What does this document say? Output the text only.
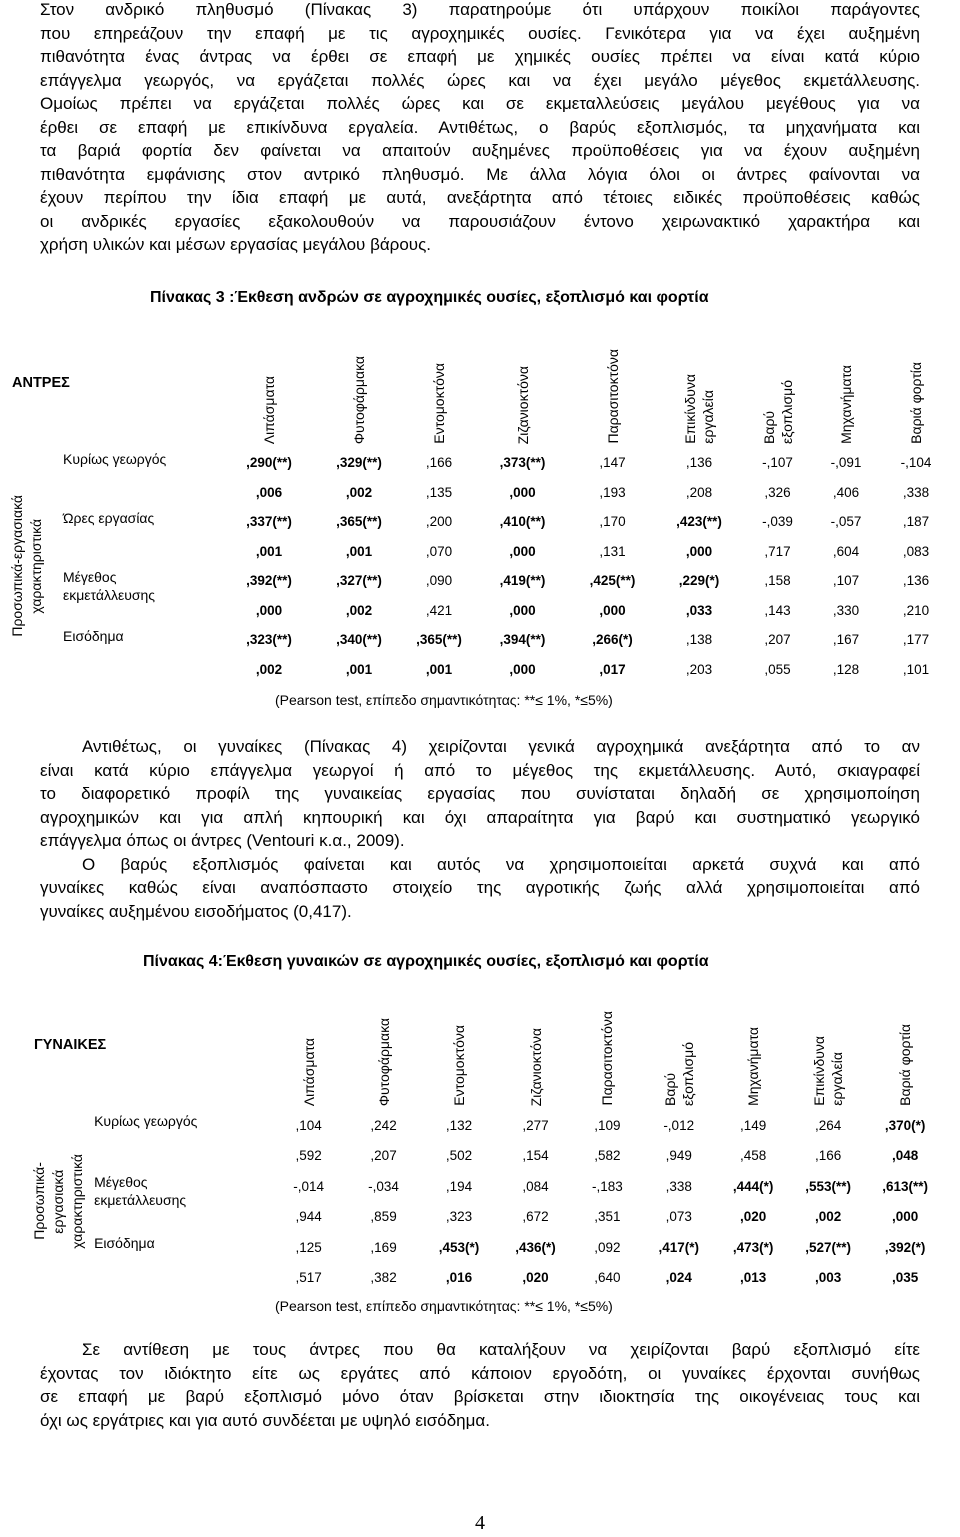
Στον ανδρικό πληθυσμό (Πίνακας 3) παρατηρούμε ότι υπάρχουν ποικίλοι παράγοντες
που επηρεάζουν την επαφή με τις αγροχημικές ουσίες. Γενικότερα για να έχει αυξημένη
πιθανότητα ένας άντρας να έρθει σε επαφή με χημικές ουσίες πρέπει να είναι κατά κύριο
επάγγελμα γεωργός, να εργάζεται πολλές ώρες και να έχει μεγάλο μέγεθος εκμετάλλευσης.
Ομοίως πρέπει να εργάζεται πολλές ώρες και σε εκμεταλλεύσεις μεγάλου μεγέθους για να
έρθει σε επαφή με επικίνδυνα εργαλεία. Αντιθέτως, ο βαρύς εξοπλισμός, τα μηχανήματα και
τα βαριά φορτία δεν φαίνεται να απαιτούν αυξημένες προϋποθέσεις για να έχουν αυξημένη
πιθανότητα εμφάνισης στον αντρικό πληθυσμό. Με άλλα λόγια όλοι οι άντρες φαίνονται να
έχουν περίπου την ίδια επαφή με αυτά, ανεξάρτητα από τέτοιες ειδικές προϋποθέσεις καθώς
οι ανδρικές εργασίες εξακολουθούν να παρουσιάζουν έντονο χειρωνακτικό χαρακτήρα και
χρήση υλικών και μέσων εργασίας μεγάλου βάρους.
Πίνακας 3 :Έκθεση ανδρών σε αγροχημικές ουσίες, εξοπλισμό και φορτία
ΑΝΤΡΕΣ		Λιπάσματα	Φυτοφάρμακα	Εντομοκτόνα	Ζιζανιοκτόνα	Παρασιτοκτόνα	Επικίνδυνα εργαλεία	Βαρύ εξοπλισμό	Μηχανήματα	Βαριά φορτία

Προσωπικά-εργασιακά χαρακτηριστικά	Κυρίως γεωργός	,290(**)	,329(**)	,166	,373(**)	,147	,136	-,107	-,091	-,104
		,006	,002	,135	,000	,193	,208	,326	,406	,338

	Ώρες εργασίας	,337(**)	,365(**)	,200	,410(**)	,170	,423(**)	-,039	-,057	,187
		,001	,001	,070	,000	,131	,000	,717	,604	,083

	Μέγεθος
εκμετάλλευσης	,392(**)	,327(**)	,090	,419(**)	,425(**)	,229(*)	,158	,107	,136
		,000	,002	,421	,000	,000	,033	,143	,330	,210

	Εισόδημα	,323(**)	,340(**)	,365(**)	,394(**)	,266(*)	,138	,207	,167	,177
		,002	,001	,001	,000	,017	,203	,055	,128	,101
(Pearson test, επίπεδο σημαντικότητας: **≤ 1%, *≤5%)
Αντιθέτως, οι γυναίκες (Πίνακας 4) χειρίζονται γενικά αγροχημικά ανεξάρτητα από το αν
είναι κατά κύριο επάγγελμα γεωργοί ή από το μέγεθος της εκμετάλλευσης. Αυτό, σκιαγραφεί
το διαφορετικό προφίλ της γυναικείας εργασίας που συνίσταται δηλαδή σε χρησιμοποίηση
αγροχημικών και για απλή κηπουρική και όχι απαραίτητα για βαρύ και συστηματικό γεωργικό
επάγγελμα όπως οι άντρες (Ventouri κ.α., 2009).
Ο βαρύς εξοπλισμός φαίνεται και αυτός να χρησιμοποιείται αρκετά συχνά και από
γυναίκες καθώς είναι αναπόσπαστο στοιχείο της αγροτικής ζωής αλλά χρησιμοποιείται από
γυναίκες αυξημένου εισοδήματος (0,417).
Πίνακας 4:Έκθεση γυναικών σε αγροχημικές ουσίες, εξοπλισμό και φορτία
ΓΥΝΑΙΚΕΣ		Λιπάσματα	Φυτοφάρμακα	Εντομοκτόνα	Ζιζανιοκτόνα	Παρασιτοκτόνα	Βαρύ εξοπλισμό	Μηχανήματα	Επικίνδυνα εργαλεία	Βαριά φορτία

Προσωπικά- εργασιακά χαρακτηριστικά	Κυρίως γεωργός	,104	,242	,132	,277	,109	-,012	,149	,264	,370(*)
		,592	,207	,502	,154	,582	,949	,458	,166	,048

	Μέγεθος
εκμετάλλευσης	-,014	-,034	,194	,084	-,183	,338	,444(*)	,553(**)	,613(**)
		,944	,859	,323	,672	,351	,073	,020	,002	,000

	Εισόδημα	,125	,169	,453(*)	,436(*)	,092	,417(*)	,473(*)	,527(**)	,392(*)
		,517	,382	,016	,020	,640	,024	,013	,003	,035
(Pearson test, επίπεδο σημαντικότητας: **≤ 1%, *≤5%)
Σε αντίθεση με τους άντρες που θα καταλήξουν να χειρίζονται βαρύ εξοπλισμό είτε
έχοντας τον ιδιόκτητο είτε ως εργάτες από κάποιον εργοδότη, οι γυναίκες έρχονται συνήθως
σε επαφή με βαρύ εξοπλισμό μόνο όταν βρίσκεται στην ιδιοκτησία της οικογένειας τους και
όχι ως εργάτριες και για αυτό συνδέεται με υψηλό εισόδημα.
4
